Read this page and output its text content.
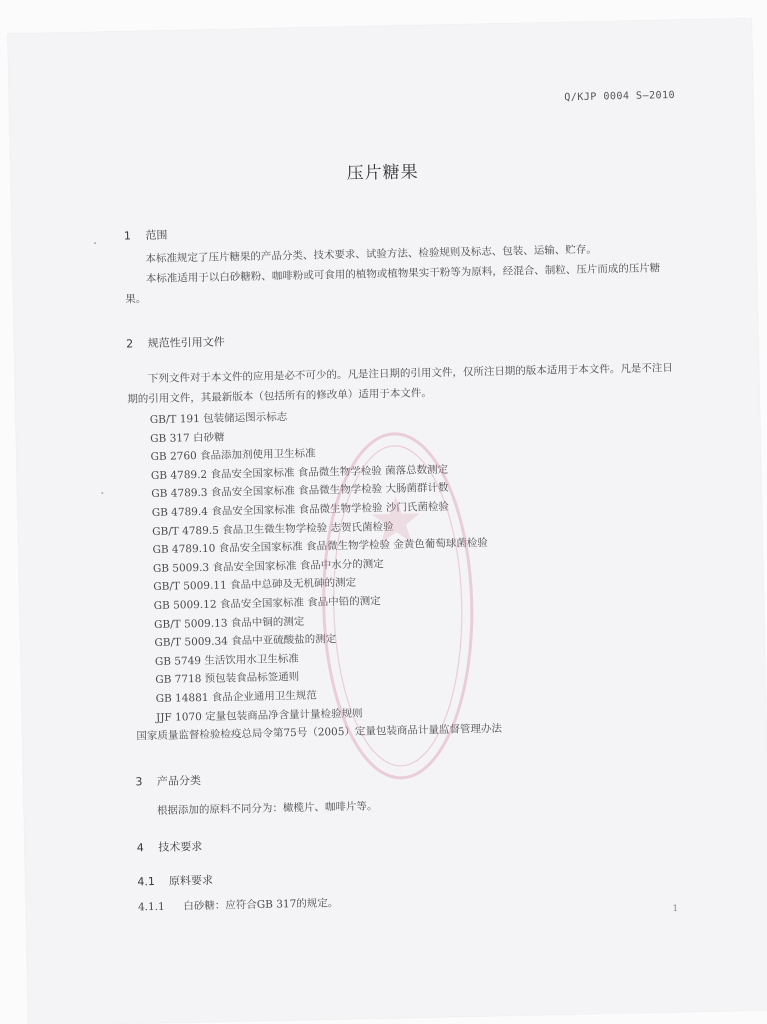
Q/KJP 0004 S—2010
压片糖果
1 范围

本标准规定了压片糖果的产品分类、技术要求、试验方法、检验规则及标志、包装、运输、贮存。

本标准适用于以白砂糖粉、咖啡粉或可食用的植物或植物果实干粉等为原料，经混合、制粒、压片而成的压片糖果。

2 规范性引用文件

下列文件对于本文件的应用是必不可少的。凡是注日期的引用文件，仅所注日期的版本适用于本文件。凡是不注日期的引用文件，其最新版本（包括所有的修改单）适用于本文件。

GB/T 191 包装储运图示标志
GB 317 白砂糖
GB 2760 食品添加剂使用卫生标准
GB 4789.2 食品安全国家标准 食品微生物学检验 菌落总数测定
GB 4789.3 食品安全国家标准 食品微生物学检验 大肠菌群计数
GB 4789.4 食品安全国家标准 食品微生物学检验 沙门氏菌检验
GB/T 4789.5 食品卫生微生物学检验 志贺氏菌检验
GB 4789.10 食品安全国家标准 食品微生物学检验 金黄色葡萄球菌检验
GB 5009.3 食品安全国家标准 食品中水分的测定
GB/T 5009.11 食品中总砷及无机砷的测定
GB 5009.12 食品安全国家标准 食品中铅的测定
GB/T 5009.13 食品中铜的测定
GB/T 5009.34 食品中亚硫酸盐的测定
GB 5749 生活饮用水卫生标准
GB 7718 预包装食品标签通则
GB 14881 食品企业通用卫生规范
JJF 1070 定量包装商品净含量计量检验规则
国家质量监督检验检疫总局令第75号（2005）定量包装商品计量监督管理办法
3 产品分类

根据添加的原料不同分为：橄榄片、咖啡片等。

4 技术要求
4.1 原料要求
4.1.1 白砂糖：应符合GB 317的规定。	1
